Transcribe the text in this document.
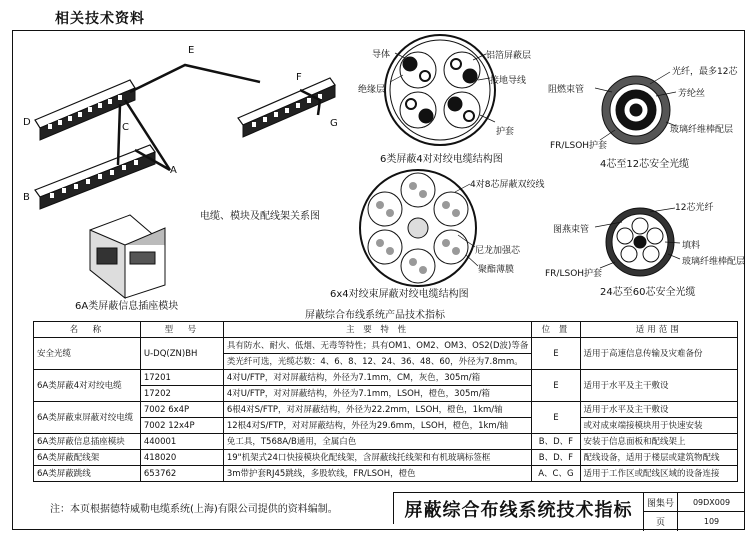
相关技术资料
D
B
C
A
E
F
G
电缆、模块及配线架关系图
6A类屏蔽信息插座模块
导体
绝缘层
铝箔屏蔽层
接地导线
护套
6类屏蔽4对对绞电缆结构图
4对8芯屏蔽双绞线
尼龙加强芯
聚酯薄膜
6x4对绞束屏蔽对绞电缆结构图
光纤，最多12芯
芳纶丝
阻燃束管
玻璃纤维棒配层
FR/LSOH护套
4芯至12芯安全光缆
12芯光纤
图燕束管
填料
玻璃纤维棒配层
FR/LSOH护套
24芯至60芯安全光缆
屏蔽综合布线系统产品技术指标
名　称	型　号	主 要 特 性	位 置	适用范围
安全光缆	U-DQ(ZN)BH	具有防水、耐火、低烟、无毒等特性；具有OM1、OM2、OM3、OS2(D波)等备	E	适用于高速信息传输及灾难备份
		类光纤可选，光缆芯数：4、6、8、12、24、36、48、60，外径为7.8mm。		
6A类屏蔽4对对绞电缆	17201	4对U/FTP，对对屏蔽结构，外径为7.1mm，CM，灰色，305m/箱	E	适用于水平及主干敷设
	17202	4对U/FTP，对对屏蔽结构，外径为7.1mm，LSOH，橙色，305m/箱		
6A类屏蔽束屏蔽对绞电缆	7002 6x4P	6根4对S/FTP，对对屏蔽结构，外径为22.2mm，LSOH，橙色，1km/轴	E	适用于水平及主干敷设
	7002 12x4P	12根4对S/FTP，对对屏蔽结构，外径为29.6mm，LSOH，橙色，1km/轴		或对成束端接模块用于快速安装
6A类屏蔽信息插座模块	440001	免工具，T568A/B通用，全属白色	B、D、F	安装于信息面板和配线架上
6A类屏蔽配线架	418020	19"机架式24口快接模块化配线架，含屏蔽线托线架和有机玻璃标签框	B、D、F	配线设备，适用于楼层或建筑物配线
6A类屏蔽跳线	653762	3m带护套RJ45跳线，多股软线，FR/LSOH，橙色	A、C、G	适用于工作区或配线区域的设备连接
注：本页根据德特威勒电缆系统(上海)有限公司提供的资料编制。	屏蔽综合布线系统技术指标	图集号	09DX009
页	109
